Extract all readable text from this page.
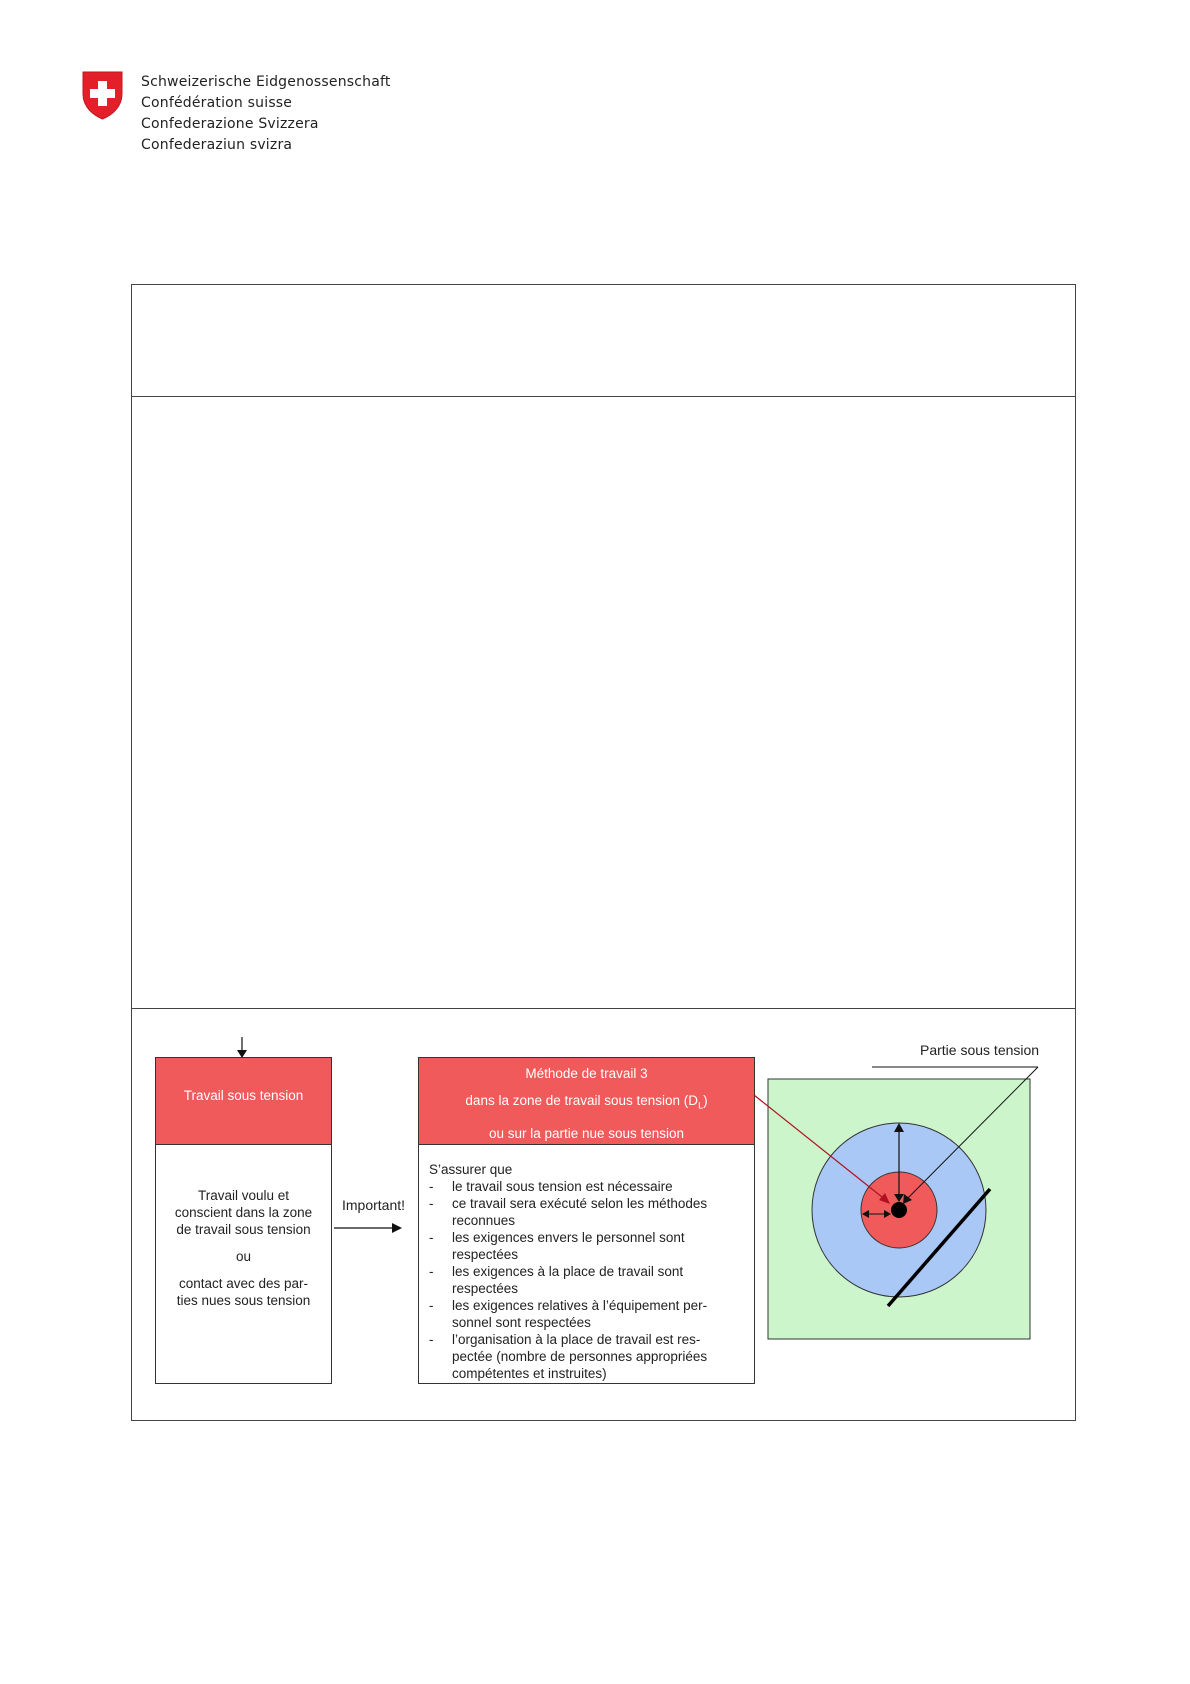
Schweizerische Eidgenossenschaft
Confédération suisse
Confederazione Svizzera
Confederaziun svizra
Travail sous tension

Travail voulu et

conscient dans la zone

de travail sous tension

ou

contact avec des par-

ties nues sous tension

Important!
Méthode de travail 3
dans la zone de travail sous tension $(D_L)$
ou sur la partie nue sous tension
S’assurer que
- le travail sous tension est nécessaire
- ce travail sera exécuté selon les méthodes
reconnues
- les exigences envers le personnel sont
respectées
- les exigences à la place de travail sont
respectées
- les exigences relatives à l’équipement per-
sonnel sont respectées
- l’organisation à la place de travail est res-
pectée (nombre de personnes appropriées
compétentes et instruites)
Partie sous tension
